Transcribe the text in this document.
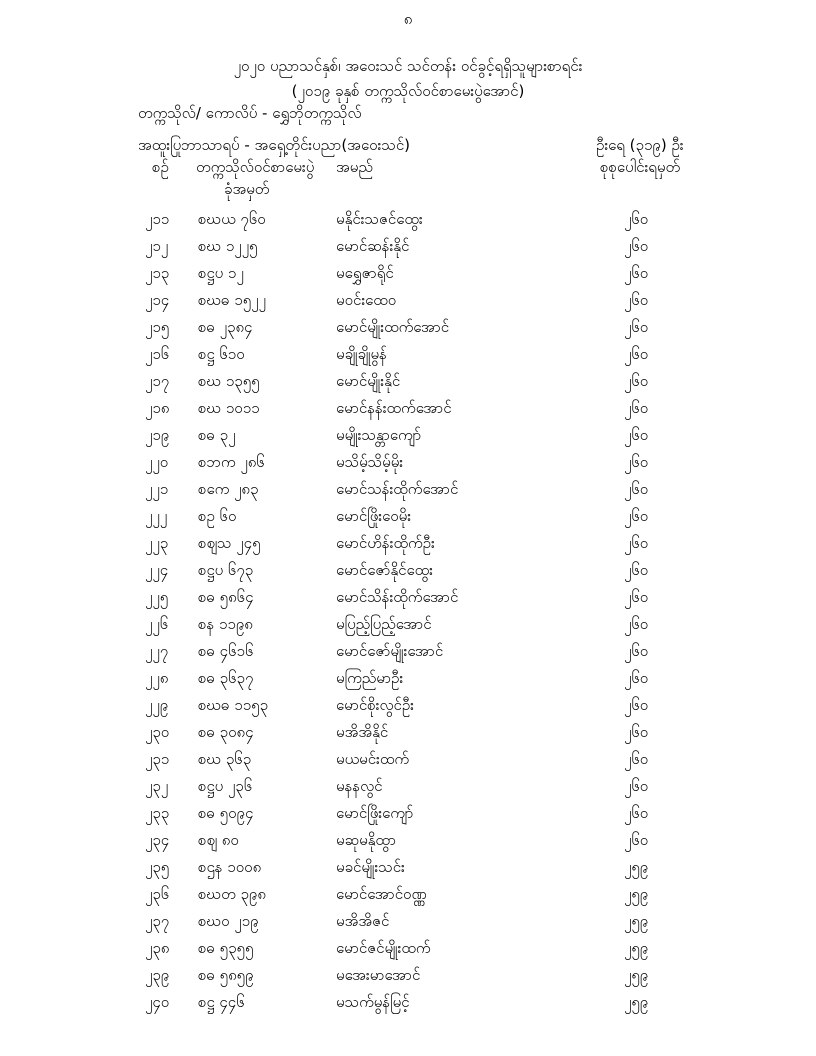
၈
၂၀၂၀ ပညာသင်နှစ်၊ အဝေးသင် သင်တန်း ဝင်ခွင့်ရရှိသူများစာရင်း
(၂၀၁၉ ခုနှစ် တက္ကသိုလ်ဝင်စာမေးပွဲအောင်)
တက္ကသိုလ်/ ကောလိပ် - ရွှေဘိုတက္ကသိုလ်
အထူးပြုဘာသာရပ် - အရှေ့တိုင်းပညာ(အဝေးသင်)	ဦးရေ (၃၁၉) ဦး
စဉ် တက္ကသိုလ်ဝင်စာမေးပွဲ
ခုံအမှတ်
အမည်	စုစုပေါင်းရမှတ်
၂၁၁ စဃယ ၇၆၀	မနိုင်းသဇင်ထွေး	၂၆၀
၂၁၂ စဃ ၁၂၂၅	မောင်ဆန်းနိုင်	၂၆၀
၂၁၃ စဋ္ဌပ ၁၂	မရွှေဇာရိုင်	၂၆၀
၂၁၄ စဃဓ ၁၅၂၂	မဝင်းထေဝ	၂၆၀
၂၁၅ စဓ ၂၃၈၄	မောင်မျိုးထက်အောင်	၂၆၀
၂၁၆ စဋ္ဌ ၆၁၀	မချိုချိုမွန်	၂၆၀
၂၁၇ စဃ ၁၃၅၅	မောင်မျိုးနိုင်	၂၆၀
၂၁၈ စဃ ၁၀၁၁	မောင်နန်းထက်အောင်	၂၆၀
၂၁၉ စဓ ၃၂	မမျိုးသန္တာကျော်	၂၆၀
၂၂၀ စဘက ၂၈၆	မသိမ့်သိမ့်မိုး	၂၆၀
၂၂၁ စကေ ၂၈၃	မောင်သန်းထိုက်အောင်	၂၆၀
၂၂၂ စဥ ၆၀	မောင်ဖြိုးဝေမိုး	၂၆၀
၂၂၃ စဈသ ၂၄၅	မောင်ဟိန်းထိုက်ဦး	၂၆၀
၂၂၄ စဋ္ဌပ ၆၇၃	မောင်ဇော်နိုင်ထွေး	၂၆၀
၂၂၅ စဓ ၅၈၆၄	မောင်သိန်းထိုက်အောင်	၂၆၀
၂၂၆ စန ၁၁၉၈	မပြည့်ပြည့်အောင်	၂၆၀
၂၂၇ စဓ ၄၆၁၆	မောင်ဇော်မျိုးအောင်	၂၆၀
၂၂၈ စဓ ၃၆၃၇	မကြည်မာဦး	၂၆၀
၂၂၉ စဃဓ ၁၁၅၃	မောင်စိုးလွင်ဦး	၂၆၀
၂၃၀ စဓ ၃၀၈၄	မအိအိနိုင်	၂၆၀
၂၃၁ စဃ ၃၆၃	မယမင်းထက်	၂၆၀
၂၃၂ စဋ္ဌပ ၂၃၆	မနနလွင်	၂၆၀
၂၃၃ စဓ ၅၀၉၄	မောင်ဖြိုးကျော်	၂၆၀
၂၃၄ စဈ ၈၀	မဆုမနိုထွာ	၂၆၀
၂၃၅ စဌန ၁၀၀၈	မခင်မျိုးသင်း	၂၅၉
၂၃၆ စဃတ ၃၉၈	မောင်အောင်ဝဏ္ဏ	၂၅၉
၂၃၇ စဃဝ ၂၁၉	မအိအိဇင်	၂၅၉
၂၃၈ စဓ ၅၃၅၅	မောင်ဇင်မျိုးထက်	၂၅၉
၂၃၉ စဓ ၅၈၅၉	မအေးမာအောင်	၂၅၉
၂၄၀ စဋ္ဌ ၄၄၆	မသက်မွန်မြင့်	၂၅၉
